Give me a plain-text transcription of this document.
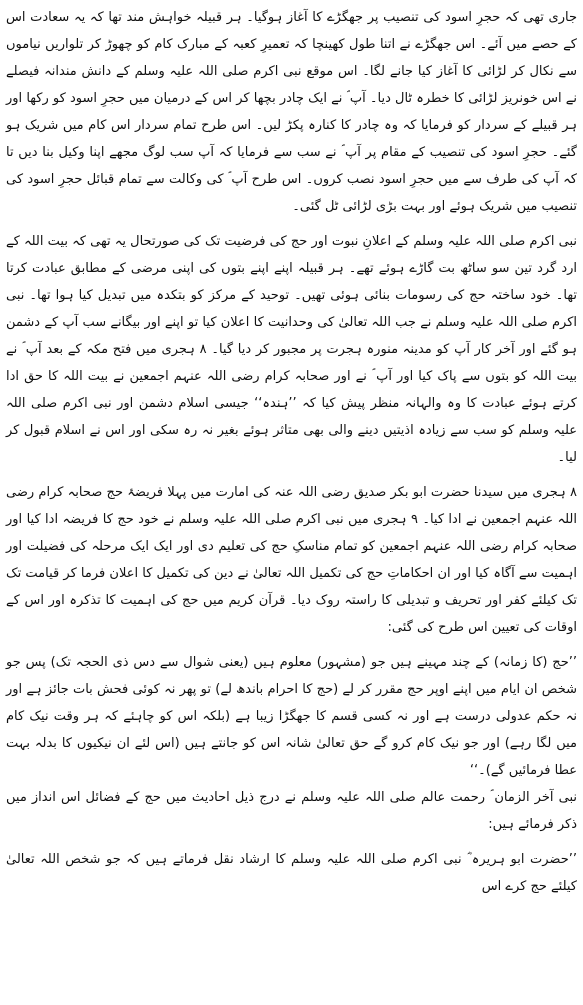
جاری تھی کہ حجرِ اسود کی تنصیب پر جھگڑے کا آغاز ہوگیا۔ ہر قبیلہ خواہش مند تھا کہ یہ سعادت اس کے حصے میں آئے۔ اس جھگڑے نے اتنا طول کھینچا کہ تعمیرِ کعبہ کے مبارک کام کو چھوڑ کر تلواریں نیاموں سے نکال کر لڑائی کا آغاز کیا جانے لگا۔ اس موقع نبی اکرم صلی اللہ علیہ وسلم کے دانش مندانہ فیصلے نے اس خونریز لڑائی کا خطرہ ٹال دیا۔ آپ ؐ نے ایک چادر بچھا کر اس کے درمیان میں حجرِ اسود کو رکھا اور ہر قبیلے کے سردار کو فرمایا کہ وہ چادر کا کنارہ پکڑ لیں۔ اس طرح تمام سردار اس کام میں شریک ہو گئے۔ حجرِ اسود کی تنصیب کے مقام پر آپ ؐ نے سب سے فرمایا کہ آپ سب لوگ مجھے اپنا وکیل بنا دیں تا کہ آپ کی طرف سے میں حجرِ اسود نصب کروں۔ اس طرح آپ ؐ کی وکالت سے تمام قبائل حجرِ اسود کی تنصیب میں شریک ہوئے اور بہت بڑی لڑائی ٹل گئی۔

نبی اکرم صلی اللہ علیہ وسلم کے اعلانِ نبوت اور حج کی فرضیت تک کی صورتحال یہ تھی کہ بیت اللہ کے ارد گرد تین سو ساٹھ بت گاڑے ہوئے تھے۔ ہر قبیلہ اپنے اپنے بتوں کی اپنی مرضی کے مطابق عبادت کرتا تھا۔ خود ساختہ حج کی رسومات بنائی ہوئی تھیں۔ توحید کے مرکز کو بتکدہ میں تبدیل کیا ہوا تھا۔ نبی اکرم صلی اللہ علیہ وسلم نے جب اللہ تعالیٰ کی وحدانیت کا اعلان کیا تو اپنے اور بیگانے سب آپ کے دشمن ہو گئے اور آخر کار آپ کو مدینہ منورہ ہجرت پر مجبور کر دیا گیا۔ ۸ ہجری میں فتح مکہ کے بعد آپ ؐ نے بیت اللہ کو بتوں سے پاک کیا اور آپ ؐ نے اور صحابہ کرام رضی اللہ عنہم اجمعین نے بیت اللہ کا حق ادا کرتے ہوئے عبادت کا وہ والہانہ منظر پیش کیا کہ ’’ہندہ‘‘ جیسی اسلام دشمن اور نبی اکرم صلی اللہ علیہ وسلم کو سب سے زیادہ اذیتیں دینے والی بھی متاثر ہوئے بغیر نہ رہ سکی اور اس نے اسلام قبول کر لیا۔

۸ ہجری میں سیدنا حضرت ابو بکر صدیق رضی اللہ عنہ کی امارت میں پہلا فریضۂ حج صحابہ کرام رضی اللہ عنہم اجمعین نے ادا کیا۔ ۹ ہجری میں نبی اکرم صلی اللہ علیہ وسلم نے خود حج کا فریضہ ادا کیا اور صحابہ کرام رضی اللہ عنہم اجمعین کو تمام مناسکِ حج کی تعلیم دی اور ایک ایک مرحلہ کی فضیلت اور اہمیت سے آگاہ کیا اور ان احکاماتِ حج کی تکمیل اللہ تعالیٰ نے دین کی تکمیل کا اعلان فرما کر قیامت تک تک کیلئے کفر اور تحریف و تبدیلی کا راستہ روک دیا۔ قرآن کریم میں حج کی اہمیت کا تذکرہ اور اس کے اوقات کی تعیین اس طرح کی گئی:

’’حج (کا زمانہ) کے چند مہینے ہیں جو (مشہور) معلوم ہیں (یعنی شوال سے دس ذی الحجہ تک) پس جو شخص ان ایام میں اپنے اوپر حج مقرر کر لے (حج کا احرام باندھ لے) تو پھر نہ کوئی فحش بات جائز ہے اور نہ حکم عدولی درست ہے اور نہ کسی قسم کا جھگڑا زیبا ہے (بلکہ اس کو چاہئے کہ ہر وقت نیک کام میں لگا رہے) اور جو نیک کام کرو گے حق تعالیٰ شانہ اس کو جانتے ہیں (اس لئے ان نیکیوں کا بدلہ بہت عطا فرمائیں گے)۔‘‘

نبی آخر الزمان ؐ رحمت عالم صلی اللہ علیہ وسلم نے درج ذیل احادیث میں حج کے فضائل اس انداز میں ذکر فرمائے ہیں:

’’حضرت ابو ہریرہ ؓ نبی اکرم صلی اللہ علیہ وسلم کا ارشاد نقل فرماتے ہیں کہ جو شخص اللہ تعالیٰ کیلئے حج کرے اس
